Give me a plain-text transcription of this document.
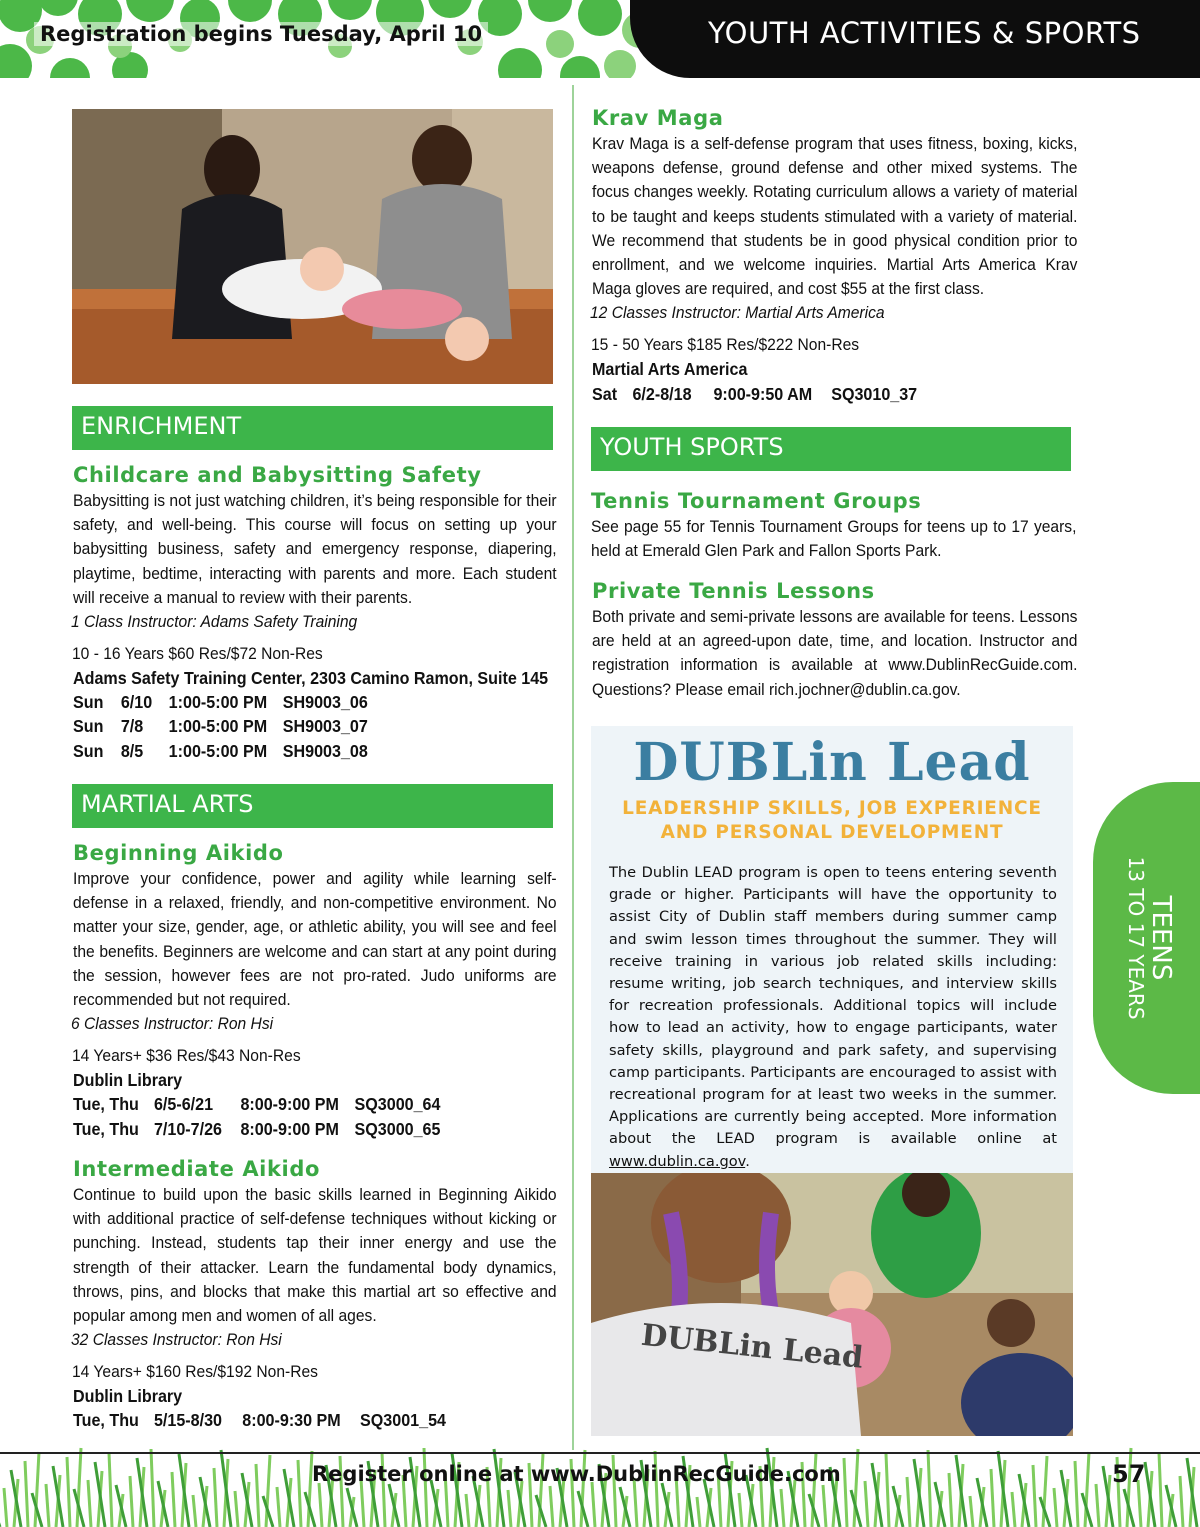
Registration begins Tuesday, April 10	YOUTH ACTIVITIES & SPORTS
ENRICHMENT
Childcare and Babysitting Safety
Babysitting is not just watching children, it’s being responsible for their safety, and well-being. This course will focus on setting up your babysitting business, safety and emergency response, diapering, playtime, bedtime, interacting with parents and more. Each student will receive a manual to review with their parents.
1 Class Instructor: Adams Safety Training
10 - 16 Years $60 Res/$72 Non-Res
Adams Safety Training Center, 2303 Camino Ramon, Suite 145
Sun 6/10 1:00-5:00 PM SH9003_06
Sun 7/8 1:00-5:00 PM SH9003_07
Sun 8/5 1:00-5:00 PM SH9003_08
MARTIAL ARTS
Beginning Aikido
Improve your confidence, power and agility while learning self-defense in a relaxed, friendly, and non-competitive environment. No matter your size, gender, age, or athletic ability, you will see and feel the benefits. Beginners are welcome and can start at any point during the session, however fees are not pro-rated. Judo uniforms are recommended but not required.
6 Classes Instructor: Ron Hsi
14 Years+ $36 Res/$43 Non-Res
Dublin Library
Tue, Thu 6/5-6/21 8:00-9:00 PM SQ3000_64
Tue, Thu 7/10-7/26 8:00-9:00 PM SQ3000_65
Intermediate Aikido
Continue to build upon the basic skills learned in Beginning Aikido with additional practice of self-defense techniques without kicking or punching. Instead, students tap their inner energy and use the strength of their attacker. Learn the fundamental body dynamics, throws, pins, and blocks that make this martial art so effective and popular among men and women of all ages.
32 Classes Instructor: Ron Hsi
14 Years+ $160 Res/$192 Non-Res
Dublin Library
Tue, Thu 5/15-8/30 8:00-9:30 PM SQ3001_54
Krav Maga
Krav Maga is a self-defense program that uses fitness, boxing, kicks, weapons defense, ground defense and other mixed systems. The focus changes weekly. Rotating curriculum allows a variety of material to be taught and keeps students stimulated with a variety of material. We recommend that students be in good physical condition prior to enrollment, and we welcome inquiries. Martial Arts America Krav Maga gloves are required, and cost $55 at the first class.
12 Classes Instructor: Martial Arts America
15 - 50 Years $185 Res/$222 Non-Res
Martial Arts America
Sat 6/2-8/18 9:00-9:50 AM SQ3010_37
YOUTH SPORTS
Tennis Tournament Groups
See page 55 for Tennis Tournament Groups for teens up to 17 years, held at Emerald Glen Park and Fallon Sports Park.
Private Tennis Lessons
Both private and semi-private lessons are available for teens. Lessons are held at an agreed-upon date, time, and location. Instructor and registration information is available at www.DublinRecGuide.com. Questions? Please email rich.jochner@dublin.ca.gov.
DUBLin Lead
LEADERSHIP SKILLS, JOB EXPERIENCE
AND PERSONAL DEVELOPMENT
The Dublin LEAD program is open to teens entering seventh grade or higher. Participants will have the opportunity to assist City of Dublin staff members during summer camp and swim lesson times throughout the summer. They will receive training in various job related skills including: resume writing, job search techniques, and interview skills for recreation professionals. Additional topics will include how to lead an activity, how to engage participants, water safety skills, playground and park safety, and supervising camp participants. Participants are encouraged to assist with recreational program for at least two weeks in the summer. Applications are currently being accepted. More information about the LEAD program is available online at www.dublin.ca.gov.
DUBLin Lead
TEENS
13 TO 17 YEARS
Register online at www.DublinRecGuide.com	57
